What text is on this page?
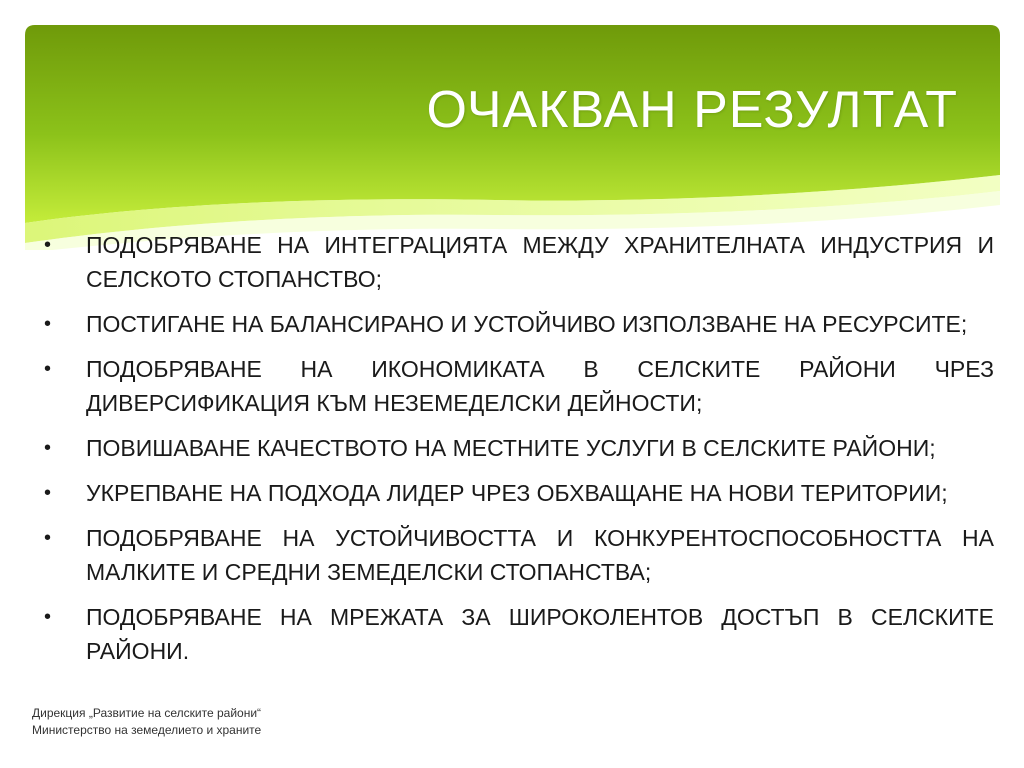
ОЧАКВАН РЕЗУЛТАТ
•	ПОДОБРЯВАНЕ НА ИНТЕГРАЦИЯТА МЕЖДУ ХРАНИТЕЛНАТА ИНДУСТРИЯ И СЕЛСКОТО СТОПАНСТВО;
•	ПОСТИГАНЕ НА БАЛАНСИРАНО И УСТОЙЧИВО ИЗПОЛЗВАНЕ НА РЕСУРСИТЕ;
•	ПОДОБРЯВАНЕ НА ИКОНОМИКАТА В СЕЛСКИТЕ РАЙОНИ ЧРЕЗ ДИВЕРСИФИКАЦИЯ КЪМ НЕЗЕМЕДЕЛСКИ ДЕЙНОСТИ;
•	ПОВИШАВАНЕ КАЧЕСТВОТО НА МЕСТНИТЕ УСЛУГИ В СЕЛСКИТЕ РАЙОНИ;
•	УКРЕПВАНЕ НА ПОДХОДА ЛИДЕР ЧРЕЗ ОБХВАЩАНЕ НА НОВИ ТЕРИТОРИИ;
•	ПОДОБРЯВАНЕ НА УСТОЙЧИВОСТТА И КОНКУРЕНТОСПОСОБНОСТТА НА МАЛКИТЕ И СРЕДНИ ЗЕМЕДЕЛСКИ СТОПАНСТВА;
•	ПОДОБРЯВАНЕ НА МРЕЖАТА ЗА ШИРОКОЛЕНТОВ ДОСТЪП В СЕЛСКИТЕ РАЙОНИ.
Дирекция „Развитие на селските райони“
Министерство на земеделието и храните
